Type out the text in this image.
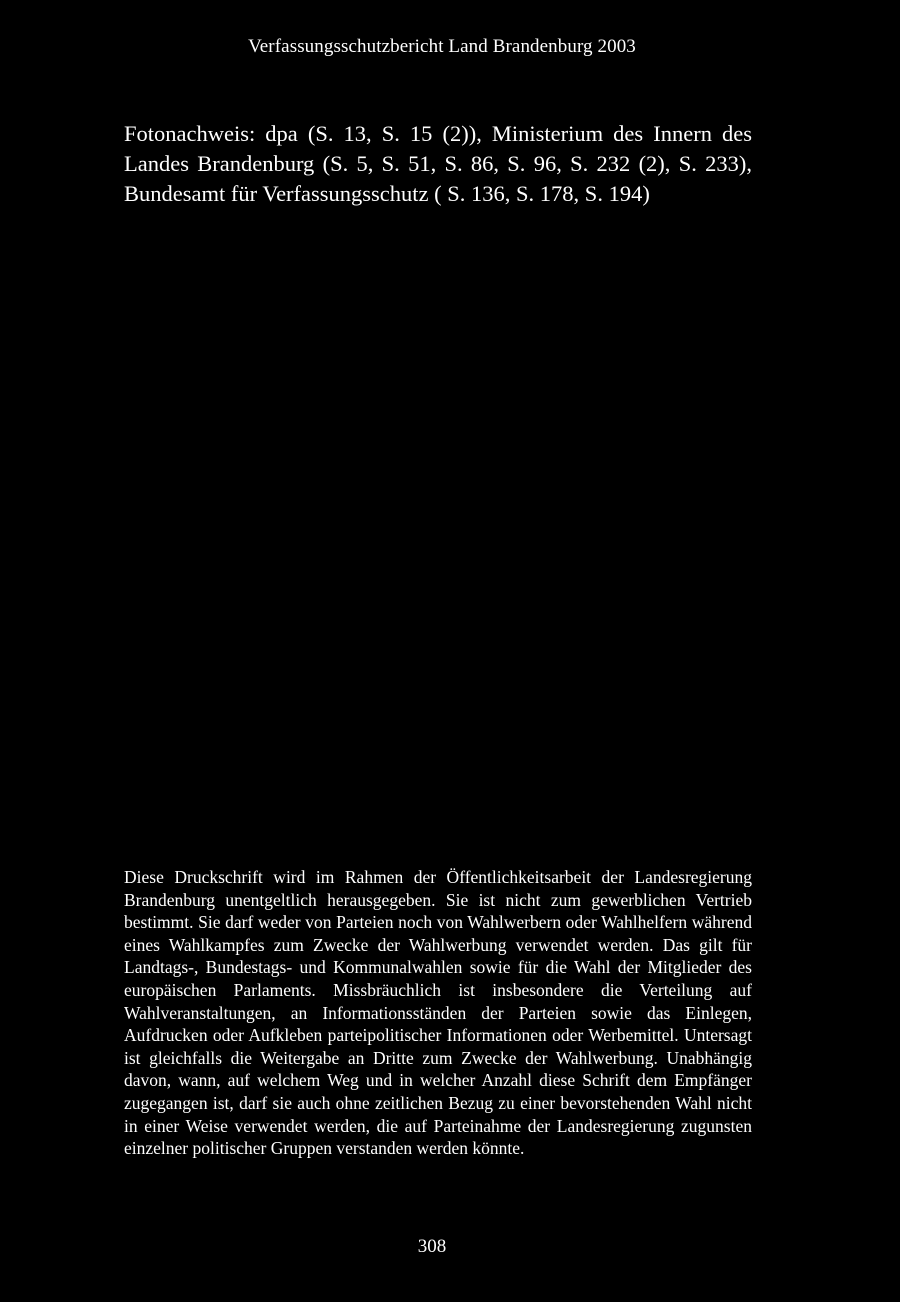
Verfassungsschutzbericht Land Brandenburg 2003

Fotonachweis: dpa (S. 13, S. 15 (2)), Ministerium des Innern des Landes Brandenburg (S. 5, S. 51, S. 86, S. 96, S. 232 (2), S. 233), Bundesamt für Verfassungsschutz ( S. 136, S. 178, S. 194)

Diese Druckschrift wird im Rahmen der Öffentlichkeitsarbeit der Landesregierung Brandenburg unentgeltlich herausgegeben. Sie ist nicht zum gewerblichen Vertrieb bestimmt. Sie darf weder von Parteien noch von Wahlwerbern oder Wahlhelfern während eines Wahlkampfes zum Zwecke der Wahlwerbung verwendet werden. Das gilt für Landtags-, Bundestags- und Kommunalwahlen sowie für die Wahl der Mitglieder des europäischen Parlaments. Missbräuchlich ist insbesondere die Verteilung auf Wahlveranstaltungen, an Informationsständen der Parteien sowie das Einlegen, Aufdrucken oder Aufkleben parteipolitischer Informationen oder Werbemittel. Untersagt ist gleichfalls die Weitergabe an Dritte zum Zwecke der Wahlwerbung. Unabhängig davon, wann, auf welchem Weg und in welcher Anzahl diese Schrift dem Empfänger zugegangen ist, darf sie auch ohne zeitlichen Bezug zu einer bevorstehenden Wahl nicht in einer Weise verwendet werden, die auf Parteinahme der Landesregierung zugunsten einzelner politischer Gruppen verstanden werden könnte.

308
